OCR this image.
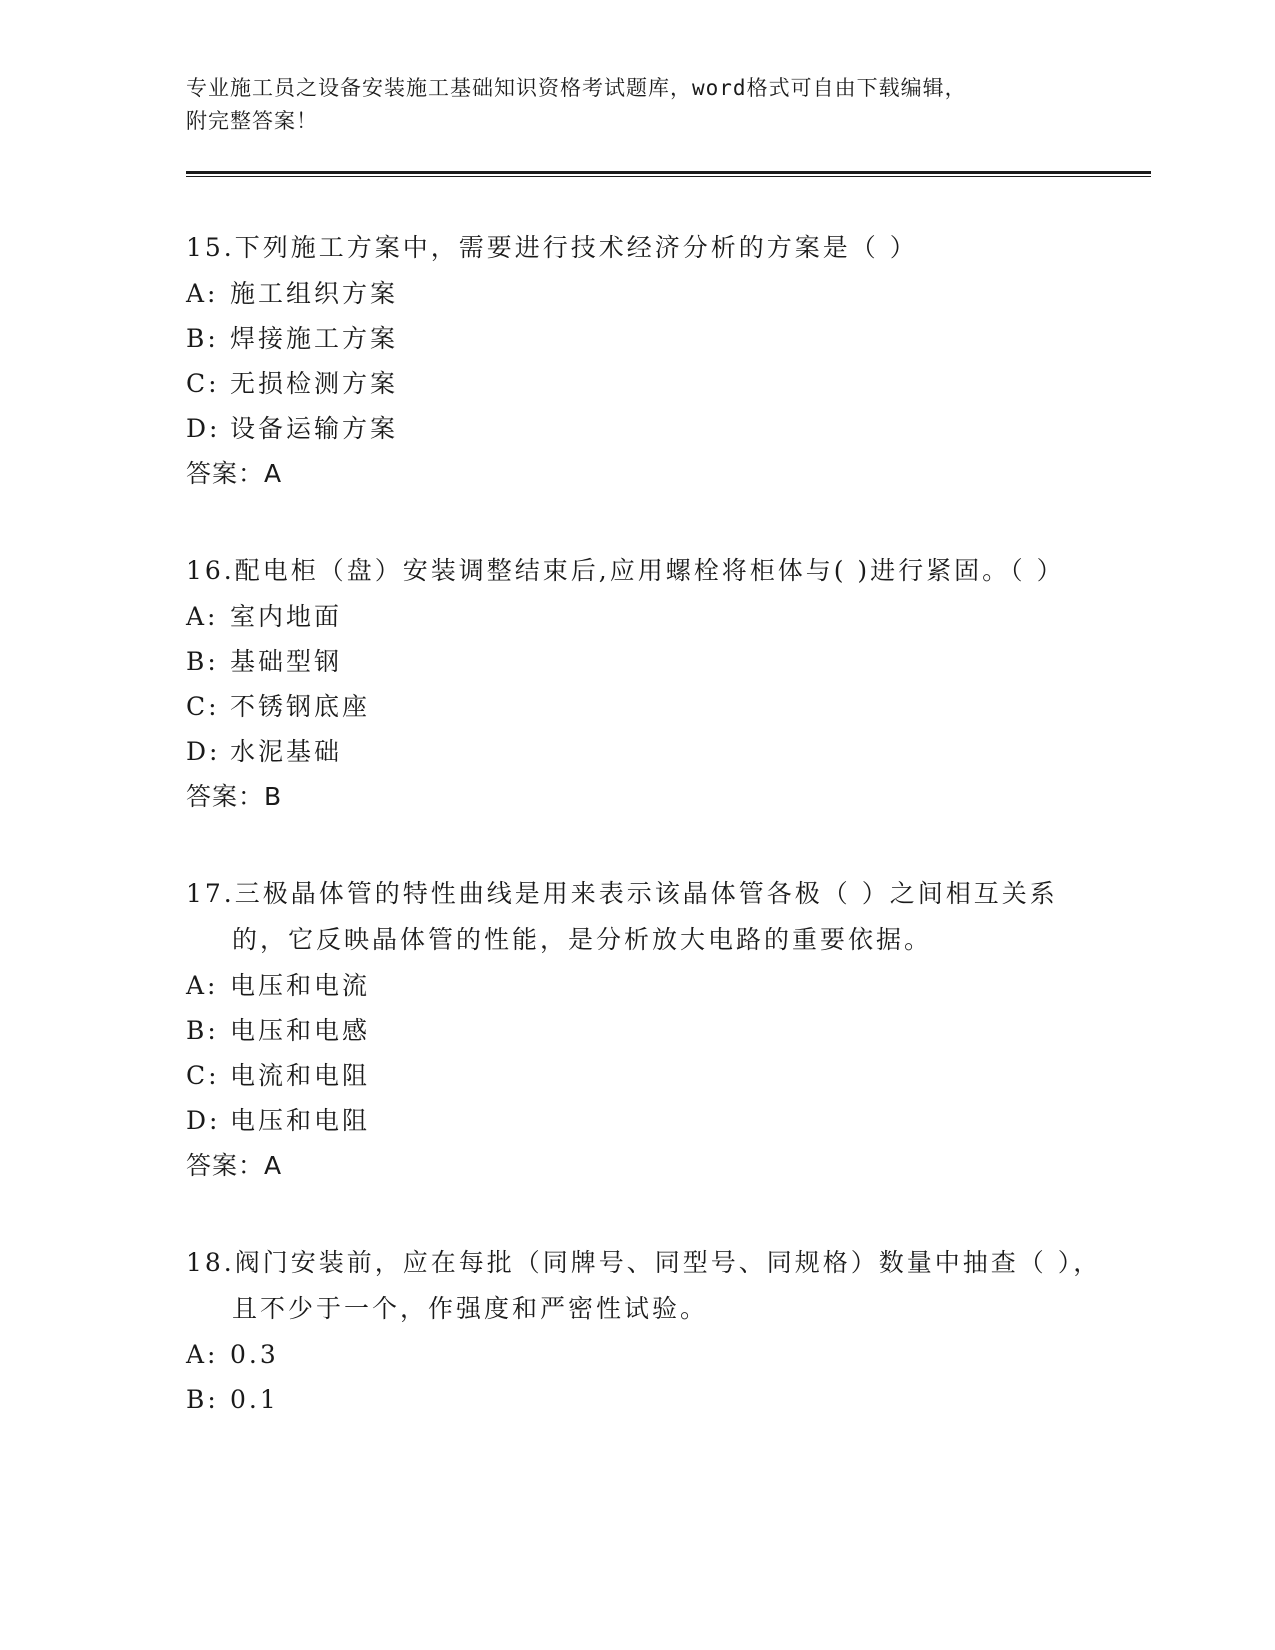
专业施工员之设备安装施工基础知识资格考试题库，word格式可自由下载编辑，
附完整答案！
15.下列施工方案中，需要进行技术经济分析的方案是（ ）
A: 施工组织方案
B: 焊接施工方案
C: 无损检测方案
D: 设备运输方案
答案： A
16.配电柜（盘）安装调整结束后,应用螺栓将柜体与( )进行紧固。（ ）
A: 室内地面
B: 基础型钢
C: 不锈钢底座
D: 水泥基础
答案： B
17.三极晶体管的特性曲线是用来表示该晶体管各极（ ）之间相互关系的，它反映晶体管的性能，是分析放大电路的重要依据。
A: 电压和电流
B: 电压和电感
C: 电流和电阻
D: 电压和电阻
答案： A
18.阀门安装前，应在每批（同牌号、同型号、同规格）数量中抽查（ ），且不少于一个，作强度和严密性试验。
A: 0.3
B: 0.1
